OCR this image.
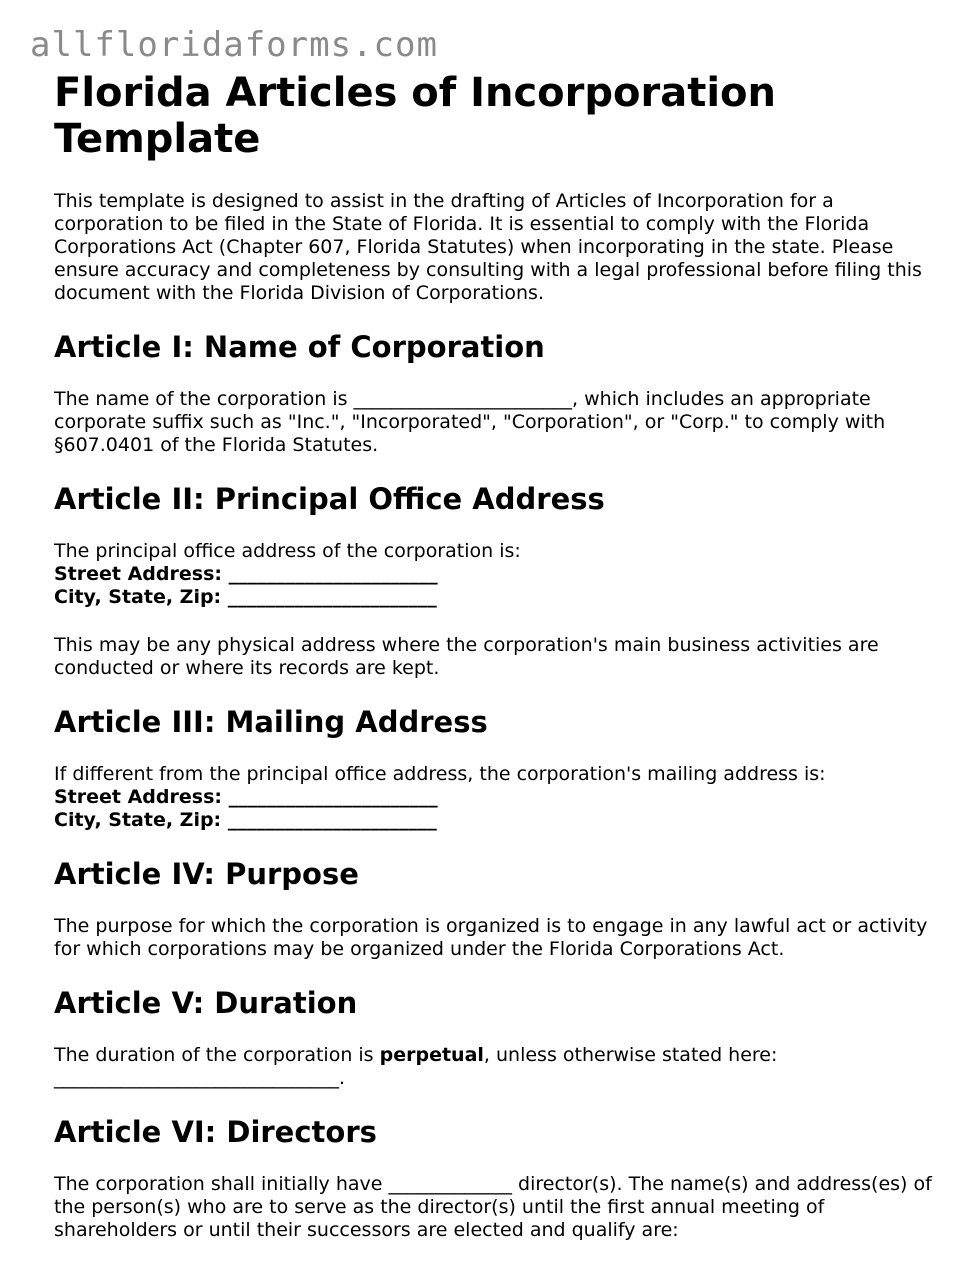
allfloridaforms.com
Florida Articles of Incorporation
Template

This template is designed to assist in the drafting of Articles of Incorporation for a corporation to be filed in the State of Florida. It is essential to comply with the Florida Corporations Act (Chapter 607, Florida Statutes) when incorporating in the state. Please ensure accuracy and completeness by consulting with a legal professional before filing this document with the Florida Division of Corporations.

Article I: Name of Corporation

The name of the corporation is _______________________, which includes an appropriate corporate suffix such as "Inc.", "Incorporated", "Corporation", or "Corp." to comply with §607.0401 of the Florida Statutes.

Article II: Principal Office Address

The principal office address of the corporation is:
Street Address: ______________________
City, State, Zip: ______________________

This may be any physical address where the corporation's main business activities are conducted or where its records are kept.

Article III: Mailing Address

If different from the principal office address, the corporation's mailing address is:
Street Address: ______________________
City, State, Zip: ______________________

Article IV: Purpose

The purpose for which the corporation is organized is to engage in any lawful act or activity for which corporations may be organized under the Florida Corporations Act.

Article V: Duration

The duration of the corporation is perpetual, unless otherwise stated here: ______________________________.

Article VI: Directors

The corporation shall initially have _____________ director(s). The name(s) and address(es) of the person(s) who are to serve as the director(s) until the first annual meeting of shareholders or until their successors are elected and qualify are:
